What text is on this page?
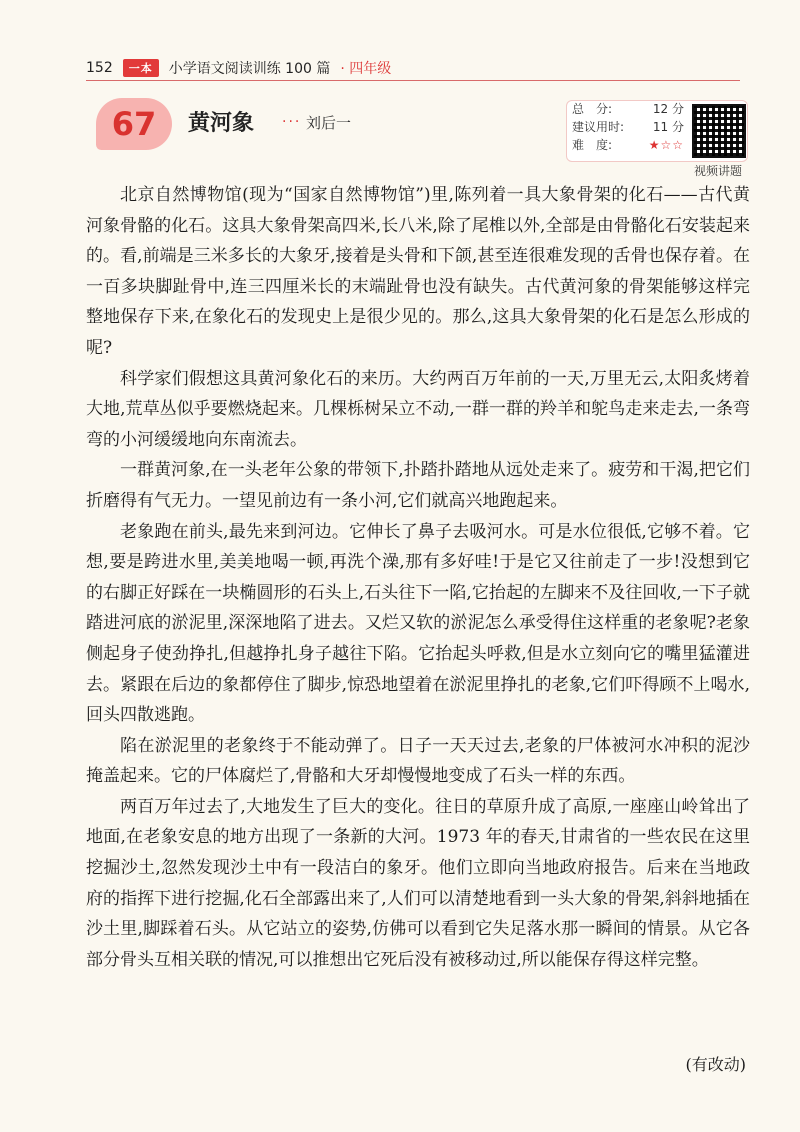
152	一本	小学语文阅读训练 100 篇 · 四年级
67	黄河象 ··· 刘后一
总　分:	12 分
建议用时: 11 分
难　度:	★☆☆
视频讲题

北京自然博物馆(现为“国家自然博物馆”)里,陈列着一具大象骨架的化石——古代黄河象骨骼的化石。这具大象骨架高四米,长八米,除了尾椎以外,全部是由骨骼化石安装起来的。看,前端是三米多长的大象牙,接着是头骨和下颌,甚至连很难发现的舌骨也保存着。在一百多块脚趾骨中,连三四厘米长的末端趾骨也没有缺失。古代黄河象的骨架能够这样完整地保存下来,在象化石的发现史上是很少见的。那么,这具大象骨架的化石是怎么形成的呢?

科学家们假想这具黄河象化石的来历。大约两百万年前的一天,万里无云,太阳炙烤着大地,荒草丛似乎要燃烧起来。几棵栎树呆立不动,一群一群的羚羊和鸵鸟走来走去,一条弯弯的小河缓缓地向东南流去。

一群黄河象,在一头老年公象的带领下,扑踏扑踏地从远处走来了。疲劳和干渴,把它们折磨得有气无力。一望见前边有一条小河,它们就高兴地跑起来。

老象跑在前头,最先来到河边。它伸长了鼻子去吸河水。可是水位很低,它够不着。它想,要是跨进水里,美美地喝一顿,再洗个澡,那有多好哇!于是它又往前走了一步!没想到它的右脚正好踩在一块椭圆形的石头上,石头往下一陷,它抬起的左脚来不及往回收,一下子就踏进河底的淤泥里,深深地陷了进去。又烂又软的淤泥怎么承受得住这样重的老象呢?老象侧起身子使劲挣扎,但越挣扎身子越往下陷。它抬起头呼救,但是水立刻向它的嘴里猛灌进去。紧跟在后边的象都停住了脚步,惊恐地望着在淤泥里挣扎的老象,它们吓得顾不上喝水,回头四散逃跑。

陷在淤泥里的老象终于不能动弹了。日子一天天过去,老象的尸体被河水冲积的泥沙掩盖起来。它的尸体腐烂了,骨骼和大牙却慢慢地变成了石头一样的东西。

两百万年过去了,大地发生了巨大的变化。往日的草原升成了高原,一座座山岭耸出了地面,在老象安息的地方出现了一条新的大河。1973 年的春天,甘肃省的一些农民在这里挖掘沙土,忽然发现沙土中有一段洁白的象牙。他们立即向当地政府报告。后来在当地政府的指挥下进行挖掘,化石全部露出来了,人们可以清楚地看到一头大象的骨架,斜斜地插在沙土里,脚踩着石头。从它站立的姿势,仿佛可以看到它失足落水那一瞬间的情景。从它各部分骨头互相关联的情况,可以推想出它死后没有被移动过,所以能保存得这样完整。

(有改动)
